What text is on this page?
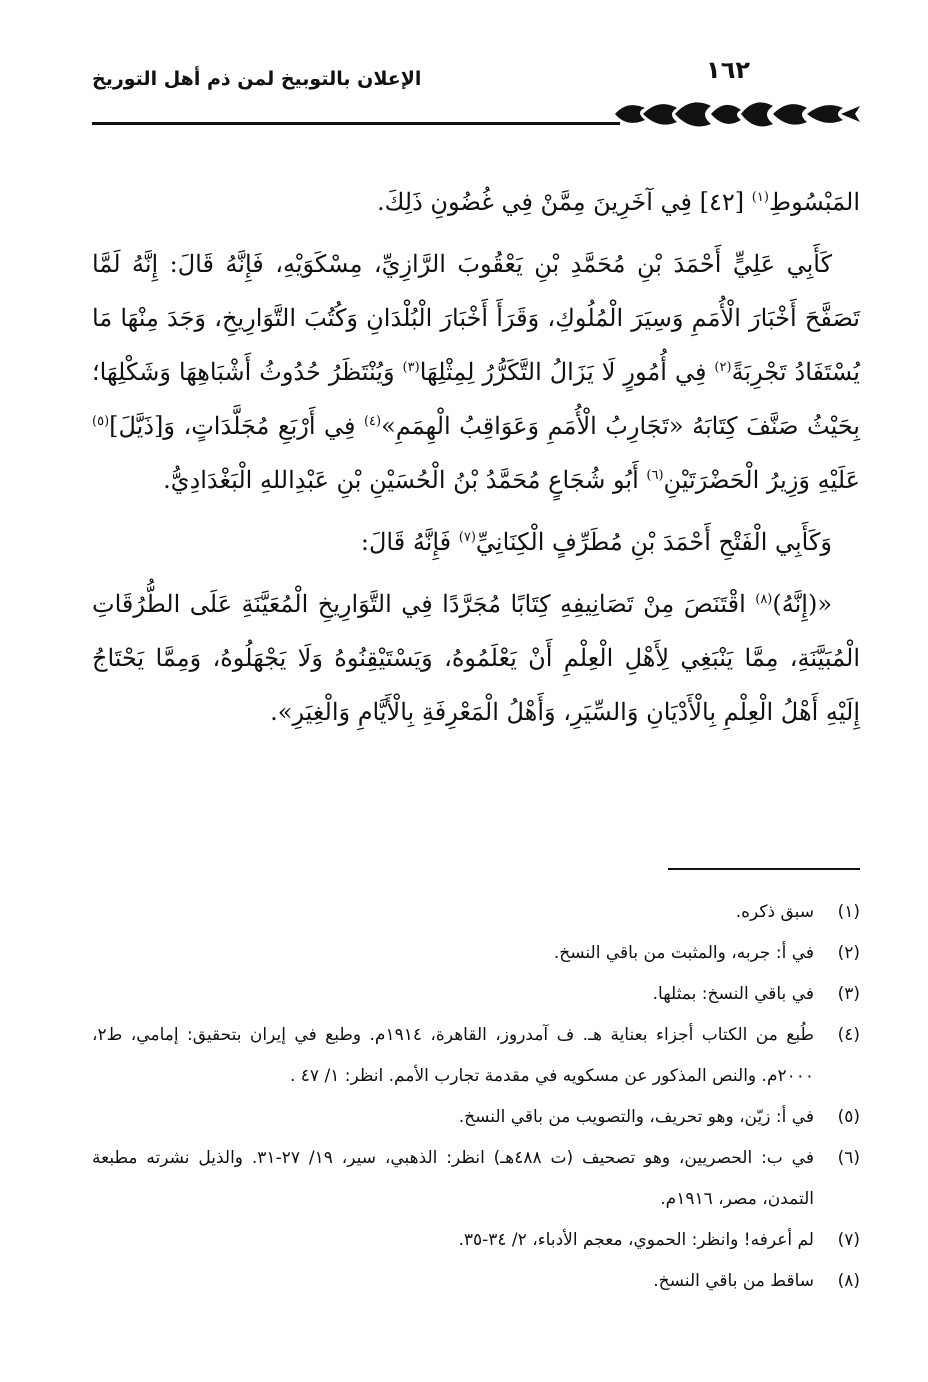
الإعلان بالتوبيخ لمن ذم أهل التوريخ	١٦٢

المَبْسُوطِ$^{(١)}$ [٤٢] فِي آخَرِينَ مِمَّنْ فِي غُضُونِ ذَلِكَ.

كَأَبِي عَلِيٍّ أَحْمَدَ بْنِ مُحَمَّدِ بْنِ يَعْقُوبَ الرَّازِيِّ، مِسْكَوَيْهِ، فَإِنَّهُ قَالَ: إِنَّهُ لَمَّا تَصَفَّحَ أَخْبَارَ الْأُمَمِ وَسِيَرَ الْمُلُوكِ، وَقَرَأَ أَخْبَارَ الْبُلْدَانِ وَكُتُبَ التَّوَارِيخِ، وَجَدَ مِنْهَا مَا يُسْتَفَادُ تَجْرِبَةً$^{(٢)}$ فِي أُمُورٍ لَا يَزَالُ التَّكَرُّرُ لِمِثْلِهَا$^{(٣)}$ وَيُنْتَظَرُ حُدُوثُ أَشْبَاهِهَا وَشَكْلِهَا؛ بِحَيْثُ صَنَّفَ كِتَابَهُ «تَجَارِبُ الْأُمَمِ وَعَوَاقِبُ الْهِمَمِ»$^{(٤)}$ فِي أَرْبَعِ مُجَلَّدَاتٍ، وَ[ذَيَّلَ]$^{(٥)}$ عَلَيْهِ وَزِيرُ الْحَضْرَتَيْنِ$^{(٦)}$ أَبُو شُجَاعٍ مُحَمَّدُ بْنُ الْحُسَيْنِ بْنِ عَبْدِاللهِ الْبَغْدَادِيُّ.

وَكَأَبِي الْفَتْحِ أَحْمَدَ بْنِ مُطَرِّفٍ الْكِنَانِيِّ$^{(٧)}$ فَإِنَّهُ قَالَ:

«(إِنَّهُ)$^{(٨)}$ اقْتَنَصَ مِنْ تَصَانِيفِهِ كِتَابًا مُجَرَّدًا فِي التَّوَارِيخِ الْمُعَيَّنَةِ عَلَى الطُّرُقَاتِ الْمُبَيَّنَةِ، مِمَّا يَنْبَغِي لِأَهْلِ الْعِلْمِ أَنْ يَعْلَمُوهُ، وَيَسْتَيْقِنُوهُ وَلَا يَجْهَلُوهُ، وَمِمَّا يَحْتَاجُ إِلَيْهِ أَهْلُ الْعِلْمِ بِالْأَدْيَانِ وَالسِّيَرِ، وَأَهْلُ الْمَعْرِفَةِ بِالْأَيَّامِ وَالْغِيَرِ».

(١)
سبق ذكره.
(٢)
في أ: جربه، والمثبت من باقي النسخ.
(٣)
في باقي النسخ: بمثلها.
(٤)
طُبع من الكتاب أجزاء بعناية هـ. ف آمدروز، القاهرة، ١٩١٤م. وطبع في إيران بتحقيق: إمامي، ط٢، ٢٠٠٠م. والنص المذكور عن مسكويه في مقدمة تجارب الأمم. انظر: ١/ ٤٧ .
(٥)
في أ: زيّن، وهو تحريف، والتصويب من باقي النسخ.
(٦)
في ب: الحصريين، وهو تصحيف (ت ٤٨٨هـ) انظر: الذهبي، سير، ١٩/ ٢٧-٣١. والذيل نشرته مطبعة التمدن، مصر، ١٩١٦م.
(٧)
لم أعرفه! وانظر: الحموي، معجم الأدباء، ٢/ ٣٤-٣٥.
(٨)
ساقط من باقي النسخ.
